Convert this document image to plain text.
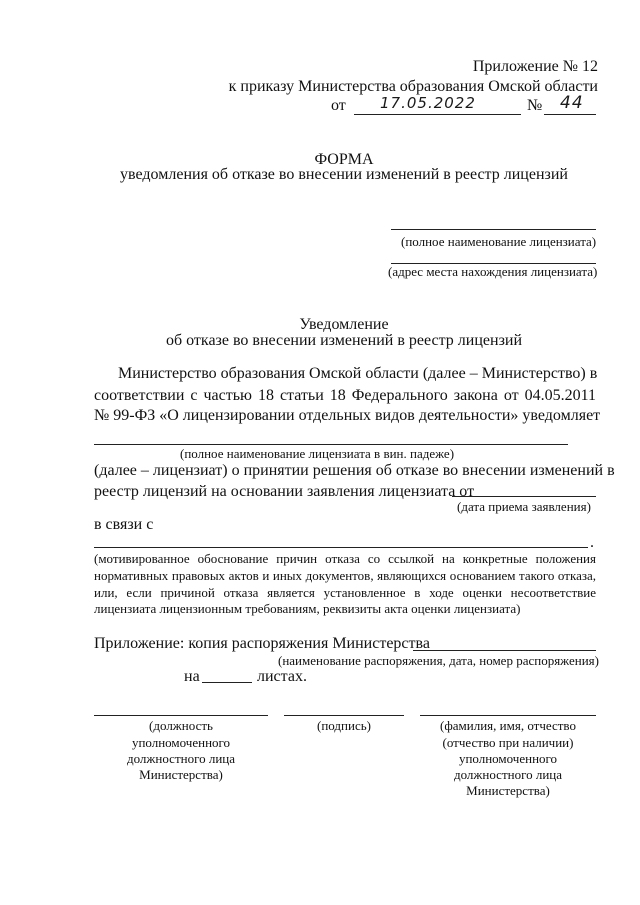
Приложение № 12
к приказу Министерства образования Омской области
от 17.05.2022	№ 44
ФОРМА
уведомления об отказе во внесении изменений в реестр лицензий
(полное наименование лицензиата)
(адрес места нахождения лицензиата)
Уведомление
об отказе во внесении изменений в реестр лицензий
Министерство образования Омской области (далее – Министерство) в
соответствии с частью 18 статьи 18 Федерального закона от 04.05.2011
№ 99-ФЗ «О лицензировании отдельных видов деятельности» уведомляет
(полное наименование лицензиата в вин. падеже)
(далее – лицензиат) о принятии решения об отказе во внесении изменений в
реестр лицензий на основании заявления лицензиата от
(дата приема заявления)
в связи с
.
(мотивированное обоснование причин отказа со ссылкой на конкретные положения
нормативных правовых актов и иных документов, являющихся основанием такого отказа,
или, если причиной отказа является установленное в ходе оценки несоответствие
лицензиата лицензионным требованиям, реквизиты акта оценки лицензиата)
Приложение: копия распоряжения Министерства
(наименование распоряжения, дата, номер распоряжения)
на	листах.
(должность
уполномоченного
должностного лица
Министерства)
(подпись)	(фамилия, имя, отчество
(отчество при наличии)
уполномоченного
должностного лица
Министерства)
